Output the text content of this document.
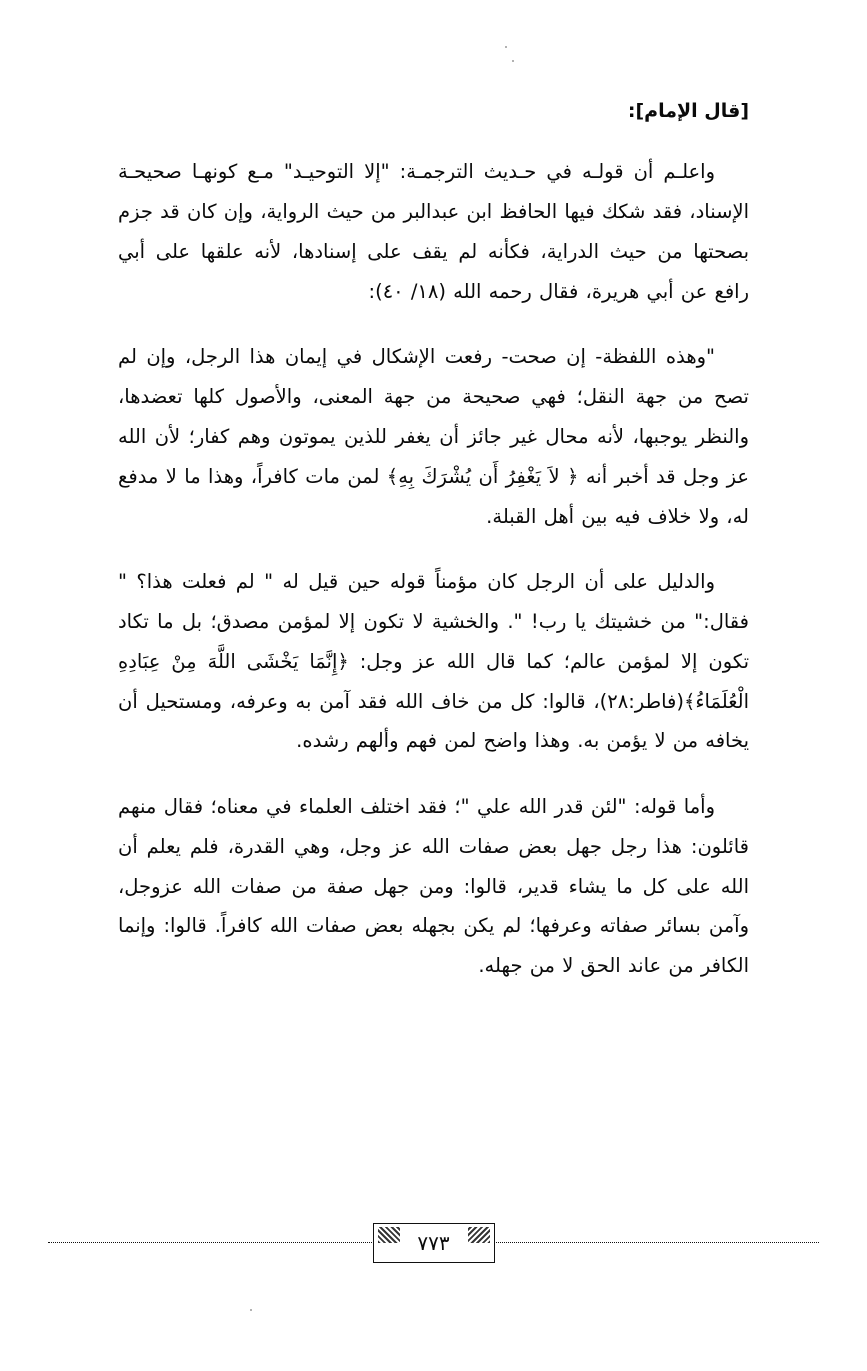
[قال الإمام]:

واعلـم أن قولـه في حـديث الترجمـة: "إلا التوحيـد" مـع كونهـا صحيحـة الإسناد، فقد شكك فيها الحافظ ابن عبدالبر من حيث الرواية، وإن كان قد جزم بصحتها من حيث الدراية، فكأنه لم يقف على إسنادها، لأنه علقها على أبي رافع عن أبي هريرة، فقال رحمه الله (١٨/ ٤٠):

"وهذه اللفظة- إن صحت- رفعت الإشكال في إيمان هذا الرجل، وإن لم تصح من جهة النقل؛ فهي صحيحة من جهة المعنى، والأصول كلها تعضدها، والنظر يوجبها، لأنه محال غير جائز أن يغفر للذين يموتون وهم كفار؛ لأن الله عز وجل قد أخبر أنه ﴿ لاَ يَغْفِرُ أَن يُشْرَكَ بِهِ﴾ لمن مات كافراً، وهذا ما لا مدفع له، ولا خلاف فيه بين أهل القبلة.

والدليل على أن الرجل كان مؤمناً قوله حين قيل له " لم فعلت هذا؟ " فقال:" من خشيتك يا رب! ". والخشية لا تكون إلا لمؤمن مصدق؛ بل ما تكاد تكون إلا لمؤمن عالم؛ كما قال الله عز وجل: ﴿إِنَّمَا يَخْشَى اللَّهَ مِنْ عِبَادِهِ الْعُلَمَاءُ﴾(فاطر:٢٨)، قالوا: كل من خاف الله فقد آمن به وعرفه، ومستحيل أن يخافه من لا يؤمن به. وهذا واضح لمن فهم وألهم رشده.

وأما قوله: "لئن قدر الله علي "؛ فقد اختلف العلماء في معناه؛ فقال منهم قائلون: هذا رجل جهل بعض صفات الله عز وجل، وهي القدرة، فلم يعلم أن الله على كل ما يشاء قدير، قالوا: ومن جهل صفة من صفات الله عزوجل، وآمن بسائر صفاته وعرفها؛ لم يكن بجهله بعض صفات الله كافراً. قالوا: وإنما الكافر من عاند الحق لا من جهله.

٧٧٣
